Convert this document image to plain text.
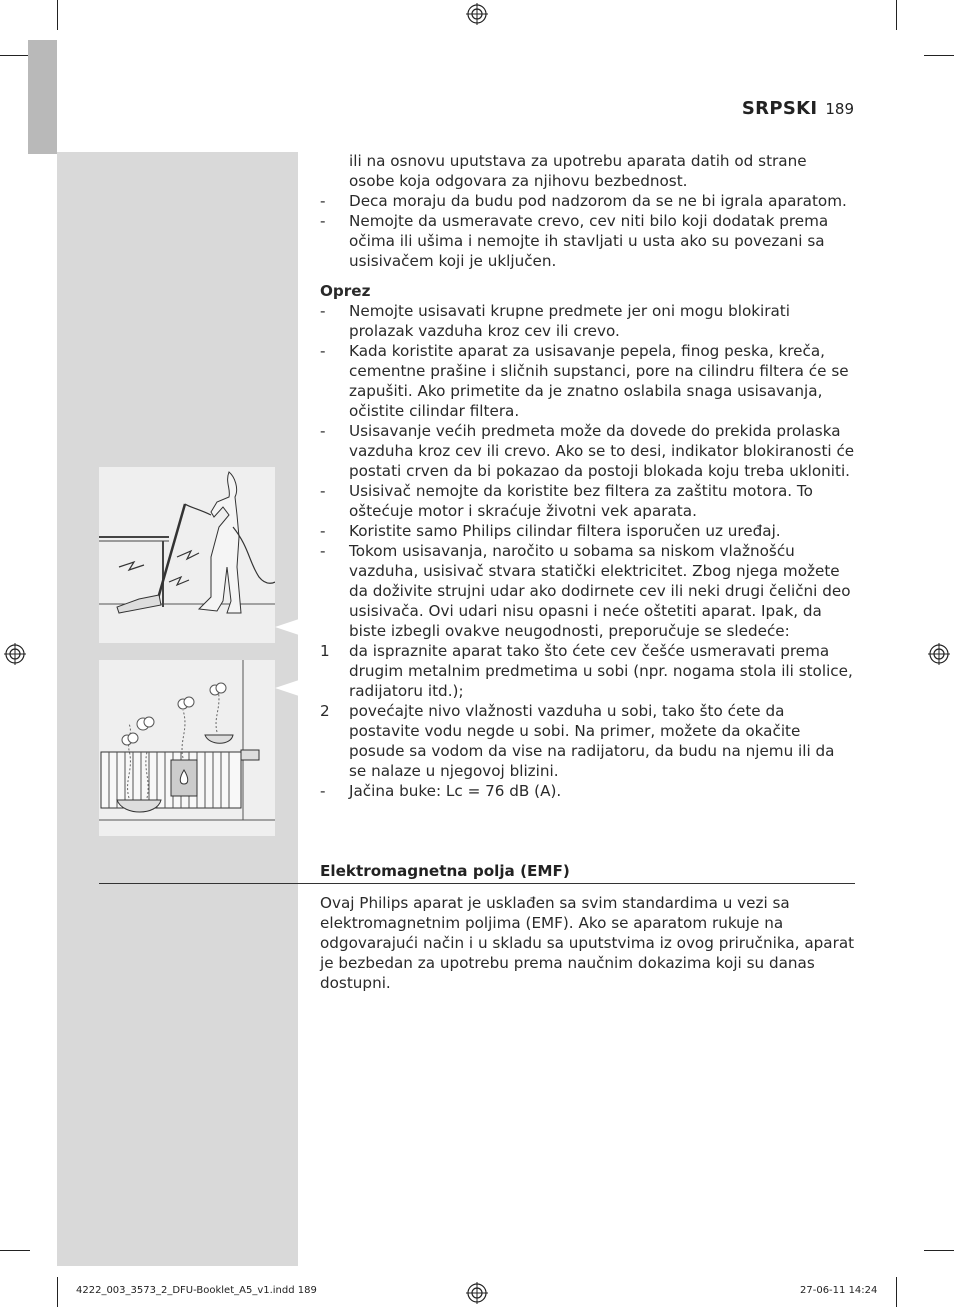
SRPSKI 189

ili na osnovu uputstava za upotrebu aparata datih od strane osobe koja odgovara za njihovu bezbednost.

- Deca moraju da budu pod nadzorom da se ne bi igrala aparatom.

- Nemojte da usmeravate crevo, cev niti bilo koji dodatak prema očima ili ušima i nemojte ih stavljati u usta ako su povezani sa usisivačem koji je uključen.

Oprez

- Nemojte usisavati krupne predmete jer oni mogu blokirati prolazak vazduha kroz cev ili crevo.

- Kada koristite aparat za usisavanje pepela, finog peska, kreča, cementne prašine i sličnih supstanci, pore na cilindru filtera će se zapušiti. Ako primetite da je znatno oslabila snaga usisavanja, očistite cilindar filtera.

- Usisavanje većih predmeta može da dovede do prekida prolaska vazduha kroz cev ili crevo. Ako se to desi, indikator blokiranosti će postati crven da bi pokazao da postoji blokada koju treba ukloniti.

- Usisivač nemojte da koristite bez filtera za zaštitu motora. To oštećuje motor i skraćuje životni vek aparata.

- Koristite samo Philips cilindar filtera isporučen uz uređaj.

- Tokom usisavanja, naročito u sobama sa niskom vlažnošću vazduha, usisivač stvara statički elektricitet. Zbog njega možete da doživite strujni udar ako dodirnete cev ili neki drugi čelični deo usisivača. Ovi udari nisu opasni i neće oštetiti aparat. Ipak, da biste izbegli ovakve neugodnosti, preporučuje se sledeće:

1 da ispraznite aparat tako što ćete cev češće usmeravati prema drugim metalnim predmetima u sobi (npr. nogama stola ili stolice, radijatoru itd.);

2 povećajte nivo vlažnosti vazduha u sobi, tako što ćete da postavite vodu negde u sobi. Na primer, možete da okačite posude sa vodom da vise na radijatoru, da budu na njemu ili da se nalaze u njegovoj blizini.

- Jačina buke: Lc = 76 dB (A).

Elektromagnetna polja (EMF)
Ovaj Philips aparat je usklađen sa svim standardima u vezi sa elektromagnetnim poljima (EMF). Ako se aparatom rukuje na odgovarajući način i u skladu sa uputstvima iz ovog priručnika, aparat je bezbedan za upotrebu prema naučnim dokazima koji su danas dostupni.
4222_003_3573_2_DFU-Booklet_A5_v1.indd 189	27-06-11 14:24
